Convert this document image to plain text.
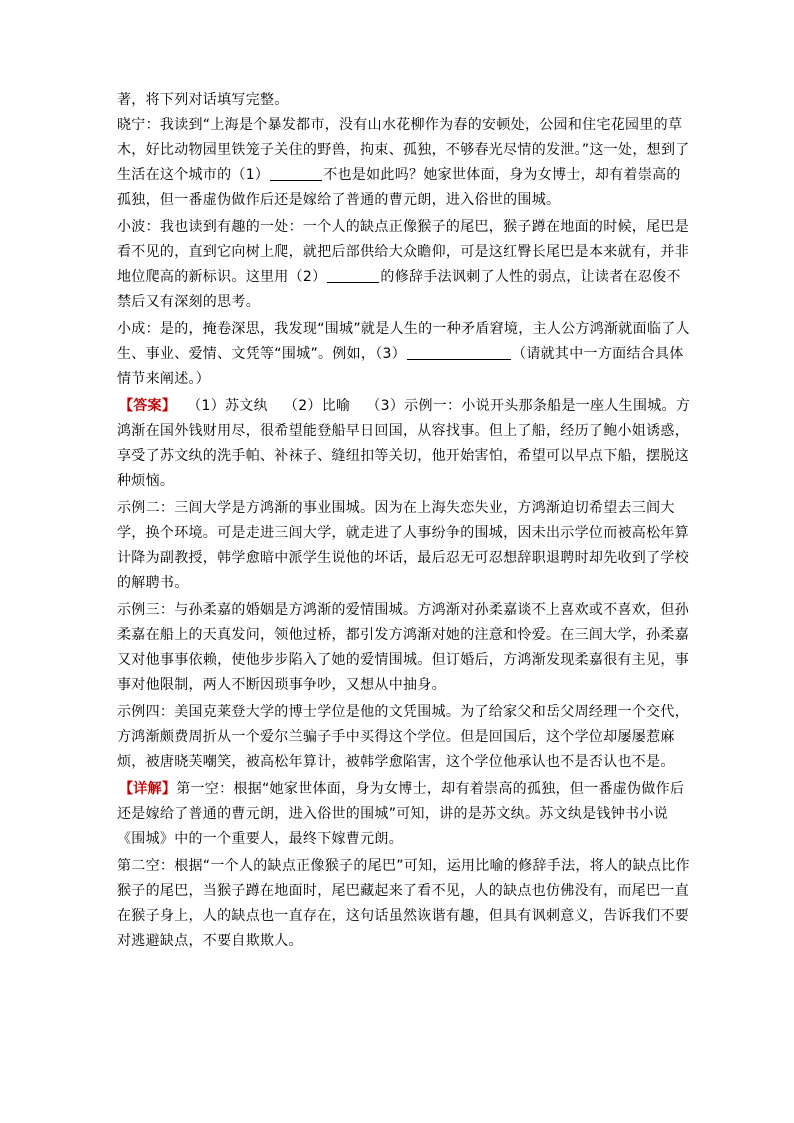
著，将下列对话填写完整。

晓宁：我读到“上海是个暴发都市，没有山水花柳作为春的安顿处，公园和住宅花园里的草木，好比动物园里铁笼子关住的野兽，拘束、孤独，不够春光尽情的发泄。”这一处，想到了生活在这个城市的（1）	不也是如此吗？她家世体面，身为女博士，却有着崇高的孤独，但一番虚伪做作后还是嫁给了普通的曹元朗，进入俗世的围城。

小波：我也读到有趣的一处：一个人的缺点正像猴子的尾巴，猴子蹲在地面的时候，尾巴是看不见的，直到它向树上爬，就把后部供给大众瞻仰，可是这红臀长尾巴是本来就有，并非地位爬高的新标识。这里用（2）	的修辞手法讽刺了人性的弱点，让读者在忍俊不禁后又有深刻的思考。

小成：是的，掩卷深思，我发现“围城”就是人生的一种矛盾窘境，主人公方鸿渐就面临了人生、事业、爱情、文凭等“围城”。例如，（3）	（请就其中一方面结合具体情节来阐述。）

【答案】 （1）苏文纨 （2）比喻 （3）示例一：小说开头那条船是一座人生围城。方鸿渐在国外钱财用尽，很希望能登船早日回国，从容找事。但上了船，经历了鲍小姐诱惑，享受了苏文纨的洗手帕、补袜子、缝纽扣等关切，他开始害怕，希望可以早点下船，摆脱这种烦恼。

示例二：三闾大学是方鸿渐的事业围城。因为在上海失恋失业，方鸿渐迫切希望去三闾大学，换个环境。可是走进三闾大学，就走进了人事纷争的围城，因未出示学位而被高松年算计降为副教授，韩学愈暗中派学生说他的坏话，最后忍无可忍想辞职退聘时却先收到了学校的解聘书。

示例三：与孙柔嘉的婚姻是方鸿渐的爱情围城。方鸿渐对孙柔嘉谈不上喜欢或不喜欢，但孙柔嘉在船上的天真发问，领他过桥，都引发方鸿渐对她的注意和怜爱。在三闾大学，孙柔嘉又对他事事依赖，使他步步陷入了她的爱情围城。但订婚后，方鸿渐发现柔嘉很有主见，事事对他限制，两人不断因琐事争吵，又想从中抽身。

示例四：美国克莱登大学的博士学位是他的文凭围城。为了给家父和岳父周经理一个交代，方鸿渐颇费周折从一个爱尔兰骗子手中买得这个学位。但是回国后，这个学位却屡屡惹麻烦，被唐晓芙嘲笑，被高松年算计，被韩学愈陷害，这个学位他承认也不是否认也不是。

【详解】第一空：根据“她家世体面，身为女博士，却有着崇高的孤独，但一番虚伪做作后还是嫁给了普通的曹元朗，进入俗世的围城”可知，讲的是苏文纨。苏文纨是钱钟书小说《围城》中的一个重要人，最终下嫁曹元朗。

第二空：根据“一个人的缺点正像猴子的尾巴”可知，运用比喻的修辞手法，将人的缺点比作猴子的尾巴，当猴子蹲在地面时，尾巴藏起来了看不见，人的缺点也仿佛没有，而尾巴一直在猴子身上，人的缺点也一直存在，这句话虽然诙谐有趣，但具有讽刺意义，告诉我们不要对逃避缺点，不要自欺欺人。
